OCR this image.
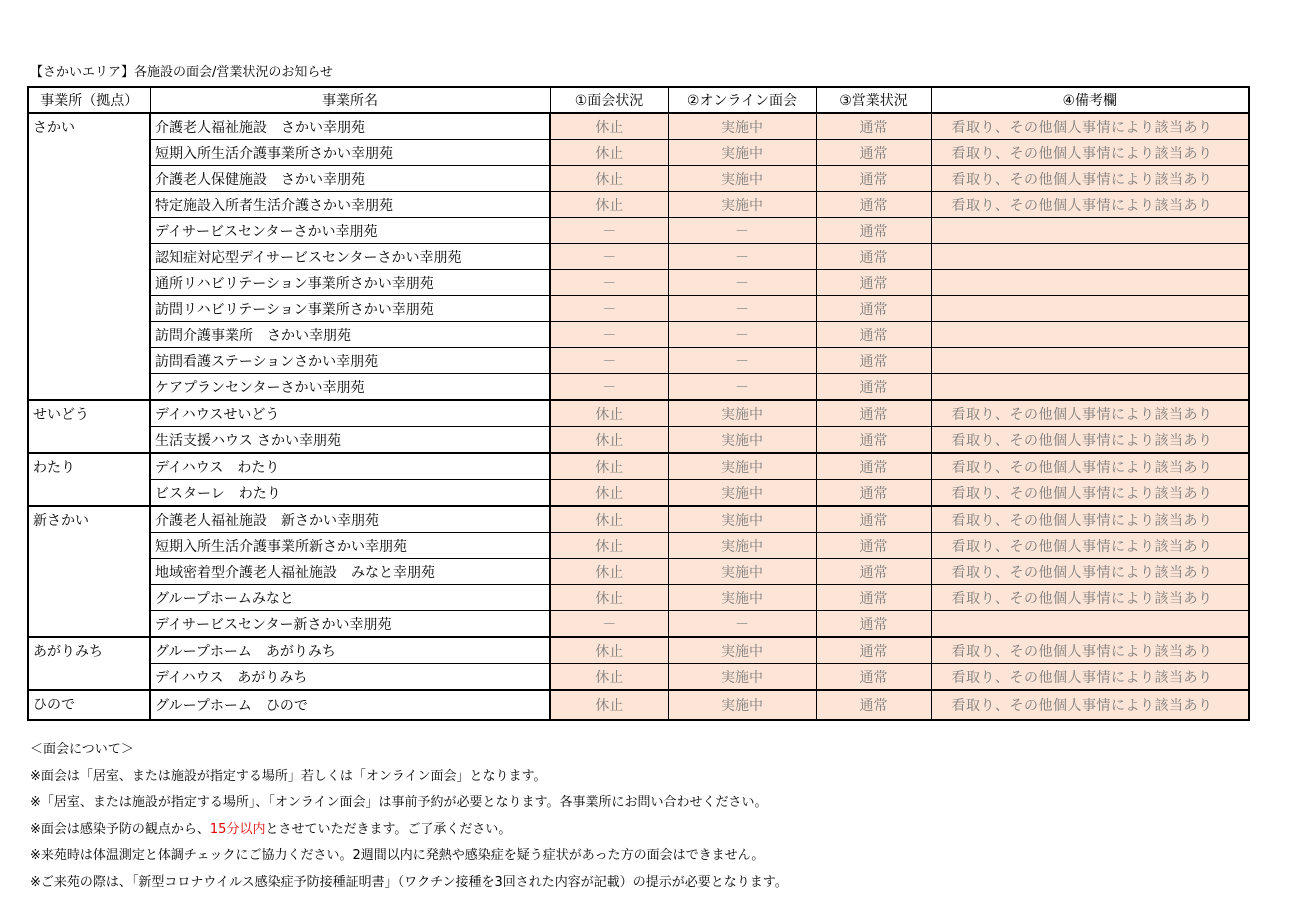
【さかいエリア】各施設の面会/営業状況のお知らせ
事業所（拠点）	事業所名	①面会状況	②オンライン面会	③営業状況	④備考欄
さかい	介護老人福祉施設　さかい幸朋苑	休止	実施中	通常	看取り、その他個人事情により該当あり
	短期入所生活介護事業所さかい幸朋苑	休止	実施中	通常	看取り、その他個人事情により該当あり
	介護老人保健施設　さかい幸朋苑	休止	実施中	通常	看取り、その他個人事情により該当あり
	特定施設入所者生活介護さかい幸朋苑	休止	実施中	通常	看取り、その他個人事情により該当あり
	デイサービスセンターさかい幸朋苑	－	－	通常	
	認知症対応型デイサービスセンターさかい幸朋苑	－	－	通常	
	通所リハビリテーション事業所さかい幸朋苑	－	－	通常	
	訪問リハビリテーション事業所さかい幸朋苑	－	－	通常	
	訪問介護事業所　さかい幸朋苑	－	－	通常	
	訪問看護ステーションさかい幸朋苑	－	－	通常	
	ケアプランセンターさかい幸朋苑	－	－	通常	
せいどう	デイハウスせいどう	休止	実施中	通常	看取り、その他個人事情により該当あり
	生活支援ハウス さかい幸朋苑	休止	実施中	通常	看取り、その他個人事情により該当あり
わたり	デイハウス　わたり	休止	実施中	通常	看取り、その他個人事情により該当あり
	ビスターレ　わたり	休止	実施中	通常	看取り、その他個人事情により該当あり
新さかい	介護老人福祉施設　新さかい幸朋苑	休止	実施中	通常	看取り、その他個人事情により該当あり
	短期入所生活介護事業所新さかい幸朋苑	休止	実施中	通常	看取り、その他個人事情により該当あり
	地域密着型介護老人福祉施設　みなと幸朋苑	休止	実施中	通常	看取り、その他個人事情により該当あり
	グループホームみなと	休止	実施中	通常	看取り、その他個人事情により該当あり
	デイサービスセンター新さかい幸朋苑	－	－	通常	
あがりみち	グループホーム　あがりみち	休止	実施中	通常	看取り、その他個人事情により該当あり
	デイハウス　あがりみち	休止	実施中	通常	看取り、その他個人事情により該当あり
ひので	グループホーム　ひので	休止	実施中	通常	看取り、その他個人事情により該当あり
＜面会について＞
※面会は「居室、または施設が指定する場所」若しくは「オンライン面会」となります。
※「居室、または施設が指定する場所」、「オンライン面会」は事前予約が必要となります。各事業所にお問い合わせください。
※面会は感染予防の観点から、15分以内とさせていただきます。ご了承ください。
※来苑時は体温測定と体調チェックにご協力ください。2週間以内に発熱や感染症を疑う症状があった方の面会はできません。
※ご来苑の際は、「新型コロナウイルス感染症予防接種証明書」（ワクチン接種を3回された内容が記載）の提示が必要となります。
